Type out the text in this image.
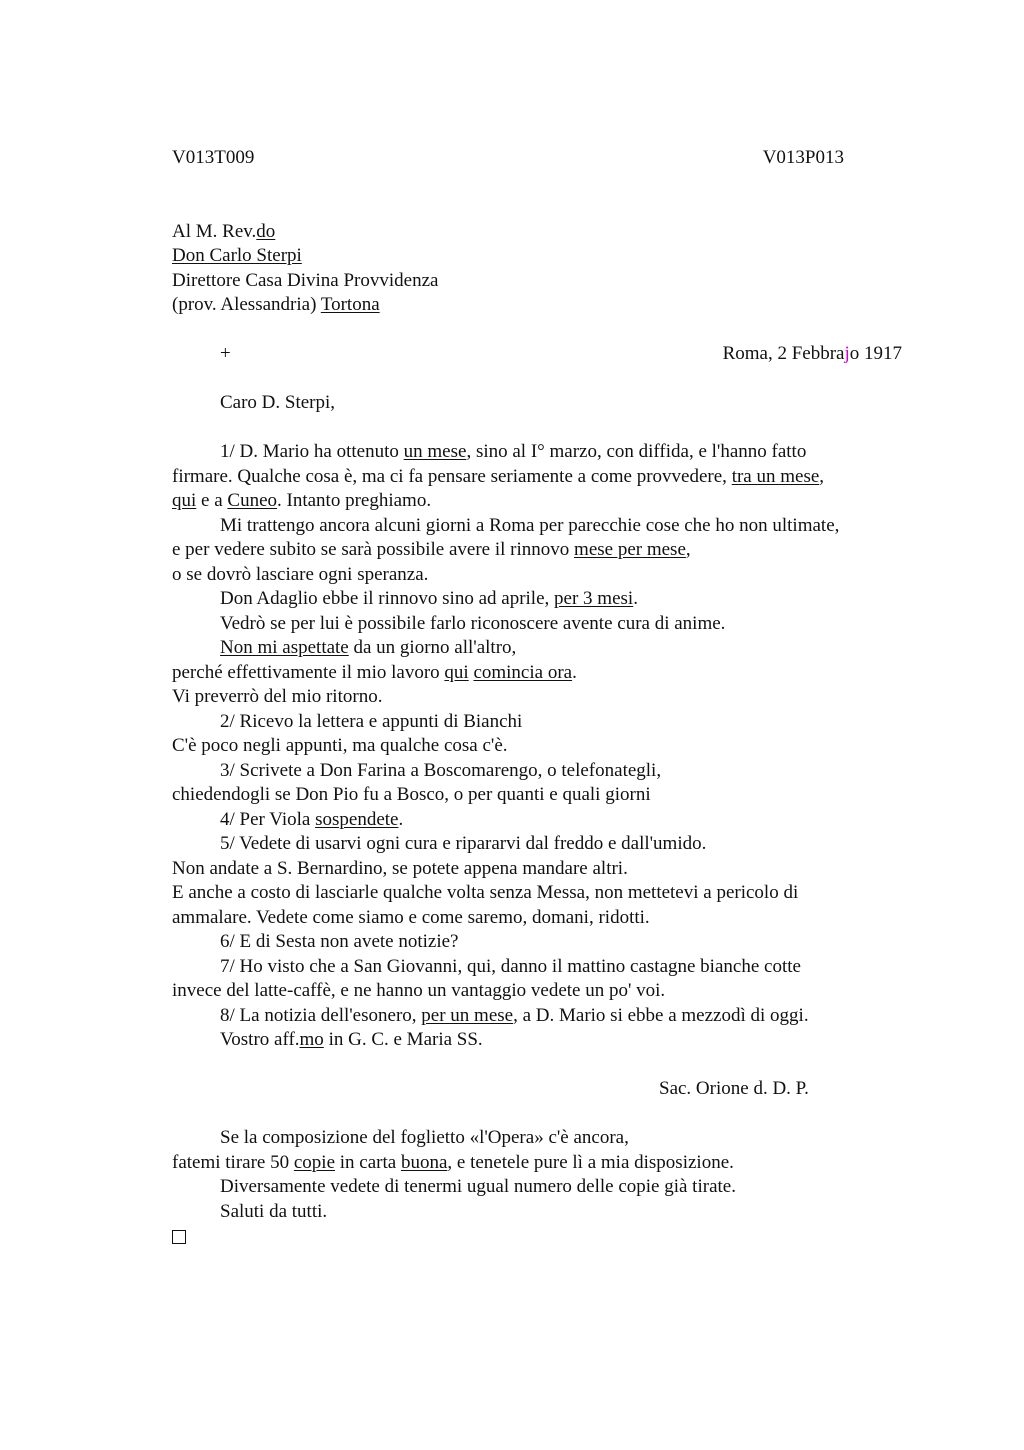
V013T009	V013P013
Al M. Rev.do
Don Carlo Sterpi
Direttore Casa Divina Provvidenza
(prov. Alessandria) Tortona
+	Roma, 2 Febbrajo 1917
Caro D. Sterpi,
1/ D. Mario ha ottenuto un mese, sino al I° marzo, con diffida, e l'hanno fatto
firmare. Qualche cosa è, ma ci fa pensare seriamente a come provvedere, tra un mese,
qui e a Cuneo. Intanto preghiamo.
Mi trattengo ancora alcuni giorni a Roma per parecchie cose che ho non ultimate,
e per vedere subito se sarà possibile avere il rinnovo mese per mese,
o se dovrò lasciare ogni speranza.
Don Adaglio ebbe il rinnovo sino ad aprile, per 3 mesi.
Vedrò se per lui è possibile farlo riconoscere avente cura di anime.
Non mi aspettate da un giorno all'altro,
perché effettivamente il mio lavoro qui comincia ora.
Vi preverrò del mio ritorno.
2/ Ricevo la lettera e appunti di Bianchi
C'è poco negli appunti, ma qualche cosa c'è.
3/ Scrivete a Don Farina a Boscomarengo, o telefonategli,
chiedendogli se Don Pio fu a Bosco, o per quanti e quali giorni
4/ Per Viola sospendete.
5/ Vedete di usarvi ogni cura e ripararvi dal freddo e dall'umido.
Non andate a S. Bernardino, se potete appena mandare altri.
E anche a costo di lasciarle qualche volta senza Messa, non mettetevi a pericolo di
ammalare. Vedete come siamo e come saremo, domani, ridotti.
6/ E di Sesta non avete notizie?
7/ Ho visto che a San Giovanni, qui, danno il mattino castagne bianche cotte
invece del latte-caffè, e ne hanno un vantaggio vedete un po' voi.
8/ La notizia dell'esonero, per un mese, a D. Mario si ebbe a mezzodì di oggi.
Vostro aff.mo in G. C. e Maria SS.
Sac. Orione d. D. P.
Se la composizione del foglietto «l'Opera» c'è ancora,
fatemi tirare 50 copie in carta buona, e tenetele pure lì a mia disposizione.
Diversamente vedete di tenermi ugual numero delle copie già tirate.
Saluti da tutti.
